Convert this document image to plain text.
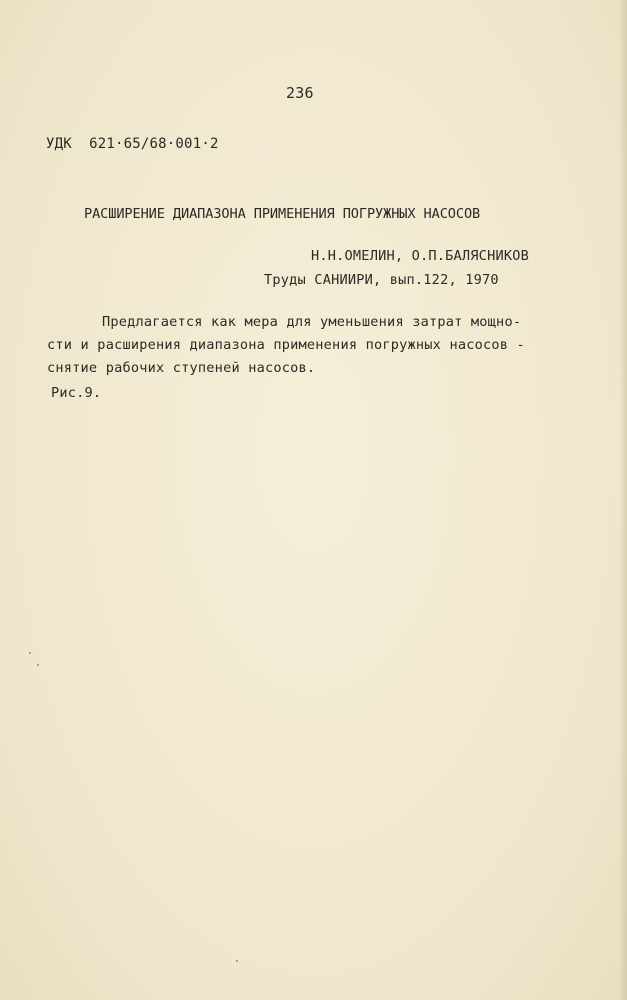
236
УДК  621·65/68·001·2
РАСШИРЕНИЕ ДИАПАЗОНА ПРИМЕНЕНИЯ ПОГРУЖНЫХ НАСОСОВ
Н.Н.ОМЕЛИН, О.П.БАЛЯСНИКОВ
Труды САНИИРИ, вып.122, 1970
Предлагается как мера для уменьшения затрат мощно-
сти и расширения диапазона применения погружных насосов -
снятие рабочих ступеней насосов.
Рис.9.
